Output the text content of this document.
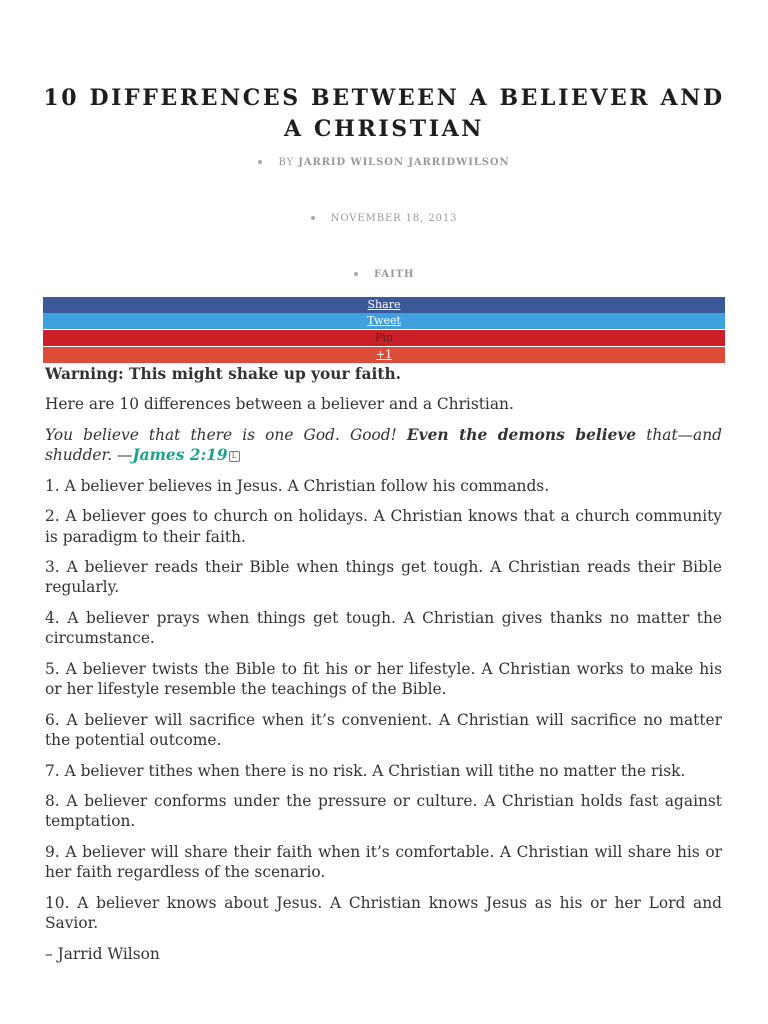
10 DIFFERENCES BETWEEN A BELIEVER AND A CHRISTIAN
BY JARRID WILSON JARRIDWILSON
NOVEMBER 18, 2013
FAITH
Share
Tweet
Pin
+1

Warning: This might shake up your faith.

Here are 10 differences between a believer and a Christian.

You believe that there is one God. Good! Even the demons believe that—and shudder. —James 2:19 L

1. A believer believes in Jesus. A Christian follow his commands.

2. A believer goes to church on holidays. A Christian knows that a church community is paradigm to their faith.

3. A believer reads their Bible when things get tough. A Christian reads their Bible regularly.

4. A believer prays when things get tough. A Christian gives thanks no matter the circumstance.

5. A believer twists the Bible to fit his or her lifestyle. A Christian works to make his or her lifestyle resemble the teachings of the Bible.

6. A believer will sacrifice when it’s convenient. A Christian will sacrifice no matter the potential outcome.

7. A believer tithes when there is no risk. A Christian will tithe no matter the risk.

8. A believer conforms under the pressure or culture. A Christian holds fast against temptation.

9. A believer will share their faith when it’s comfortable. A Christian will share his or her faith regardless of the scenario.

10. A believer knows about Jesus. A Christian knows Jesus as his or her Lord and Savior.

– Jarrid Wilson
